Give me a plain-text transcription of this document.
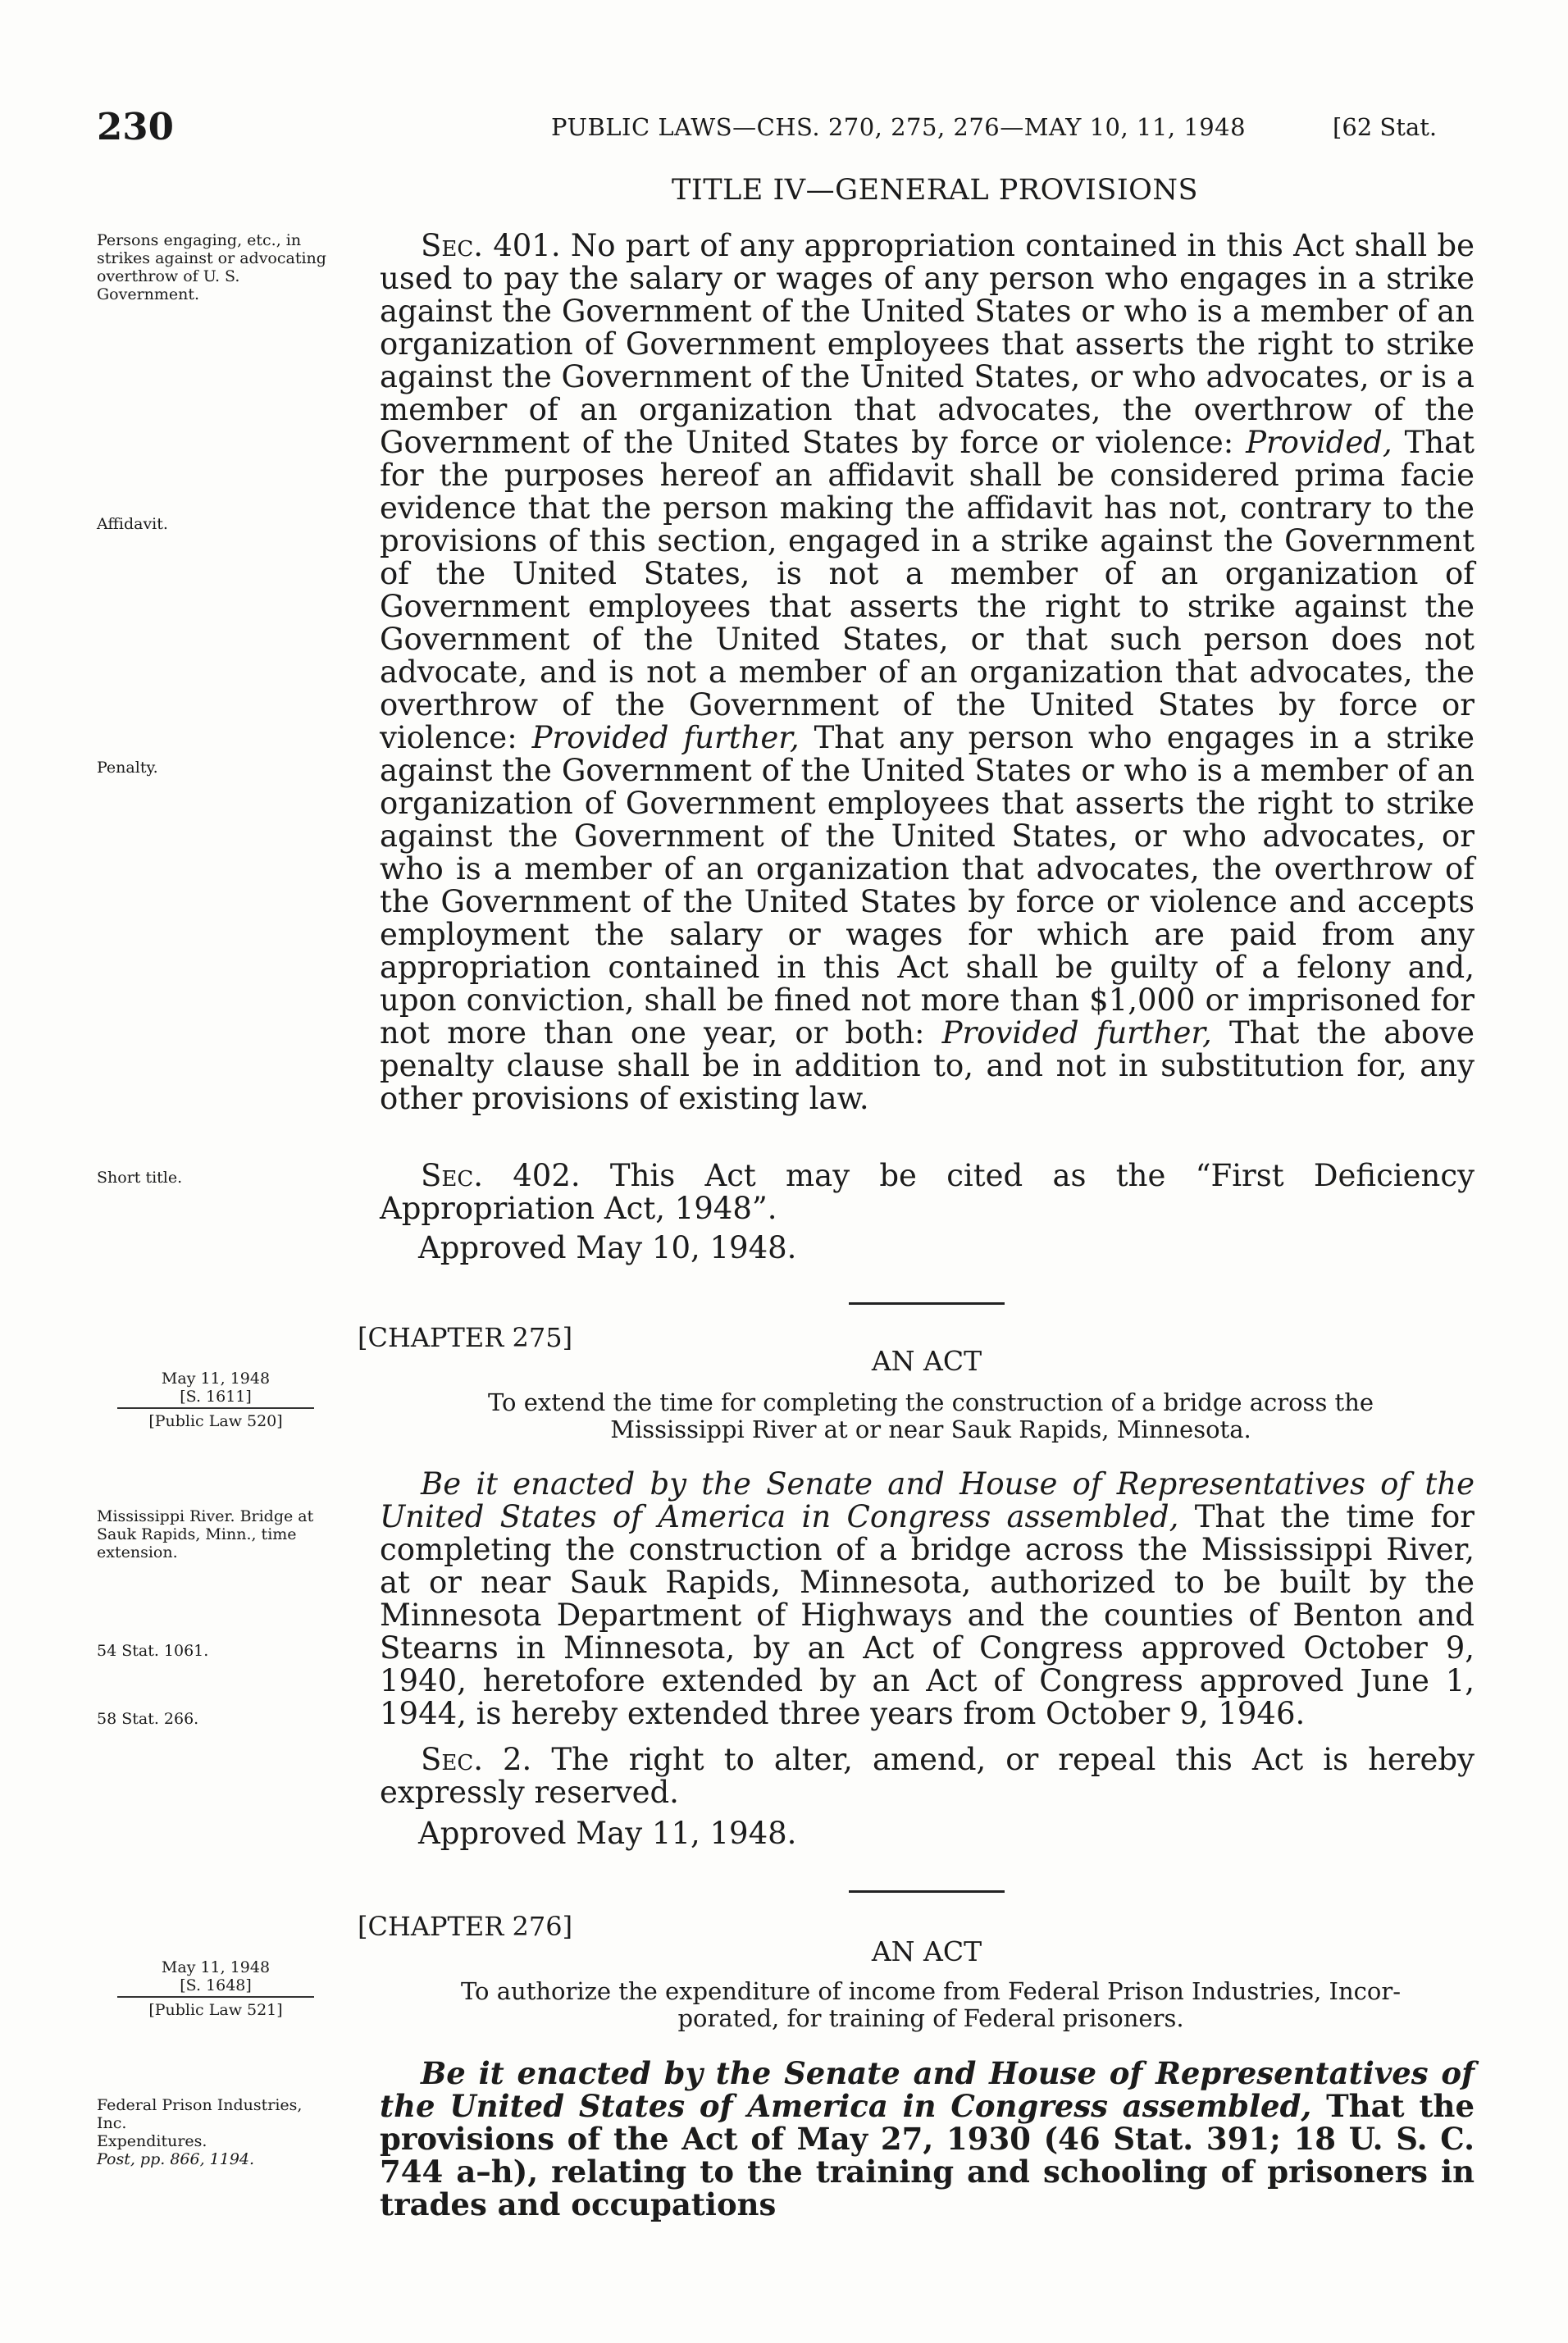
230	PUBLIC LAWS—CHS. 270, 275, 276—MAY 10, 11, 1948	[62 Stat.
TITLE IV—GENERAL PROVISIONS
Persons engaging, etc., in strikes against or advocating overthrow of U. S. Government.
Affidavit.
Penalty.
Short title.
May 11, 1948
[S. 1611]
[Public Law 520]
Mississippi River. Bridge at Sauk Rapids, Minn., time extension.
54 Stat. 1061.
58 Stat. 266.
May 11, 1948
[S. 1648]
[Public Law 521]
Federal Prison Industries, Inc.
Expenditures.
Post, pp. 866, 1194.
Sec. 401. No part of any appropriation contained in this Act shall be used to pay the salary or wages of any person who engages in a strike against the Government of the United States or who is a member of an organization of Government employees that asserts the right to strike against the Government of the United States, or who advocates, or is a member of an organization that advocates, the overthrow of the Government of the United States by force or violence: Provided, That for the purposes hereof an affidavit shall be considered prima facie evidence that the person making the affidavit has not, contrary to the provisions of this section, engaged in a strike against the Government of the United States, is not a member of an organization of Government employees that asserts the right to strike against the Government of the United States, or that such person does not advocate, and is not a member of an organization that advocates, the overthrow of the Government of the United States by force or violence: Provided further, That any person who engages in a strike against the Government of the United States or who is a member of an organization of Government employees that asserts the right to strike against the Government of the United States, or who advocates, or who is a member of an organization that advocates, the overthrow of the Government of the United States by force or violence and accepts employment the salary or wages for which are paid from any appropriation contained in this Act shall be guilty of a felony and, upon conviction, shall be fined not more than $1,000 or imprisoned for not more than one year, or both: Provided further, That the above penalty clause shall be in addition to, and not in substitution for, any other provisions of existing law.
Sec. 402. This Act may be cited as the “First Deficiency Appropriation Act, 1948”.
Approved May 10, 1948.
[CHAPTER 275]
AN ACT
To extend the time for completing the construction of a bridge across the
Mississippi River at or near Sauk Rapids, Minnesota.
Be it enacted by the Senate and House of Representatives of the United States of America in Congress assembled, That the time for completing the construction of a bridge across the Mississippi River, at or near Sauk Rapids, Minnesota, authorized to be built by the Minnesota Department of Highways and the counties of Benton and Stearns in Minnesota, by an Act of Congress approved October 9, 1940, heretofore extended by an Act of Congress approved June 1, 1944, is hereby extended three years from October 9, 1946.
Sec. 2. The right to alter, amend, or repeal this Act is hereby expressly reserved.
Approved May 11, 1948.
[CHAPTER 276]
AN ACT
To authorize the expenditure of income from Federal Prison Industries, Incor-
porated, for training of Federal prisoners.
Be it enacted by the Senate and House of Representatives of the United States of America in Congress assembled, That the provisions of the Act of May 27, 1930 (46 Stat. 391; 18 U. S. C. 744 a–h), relating to the training and schooling of prisoners in trades and occupations
